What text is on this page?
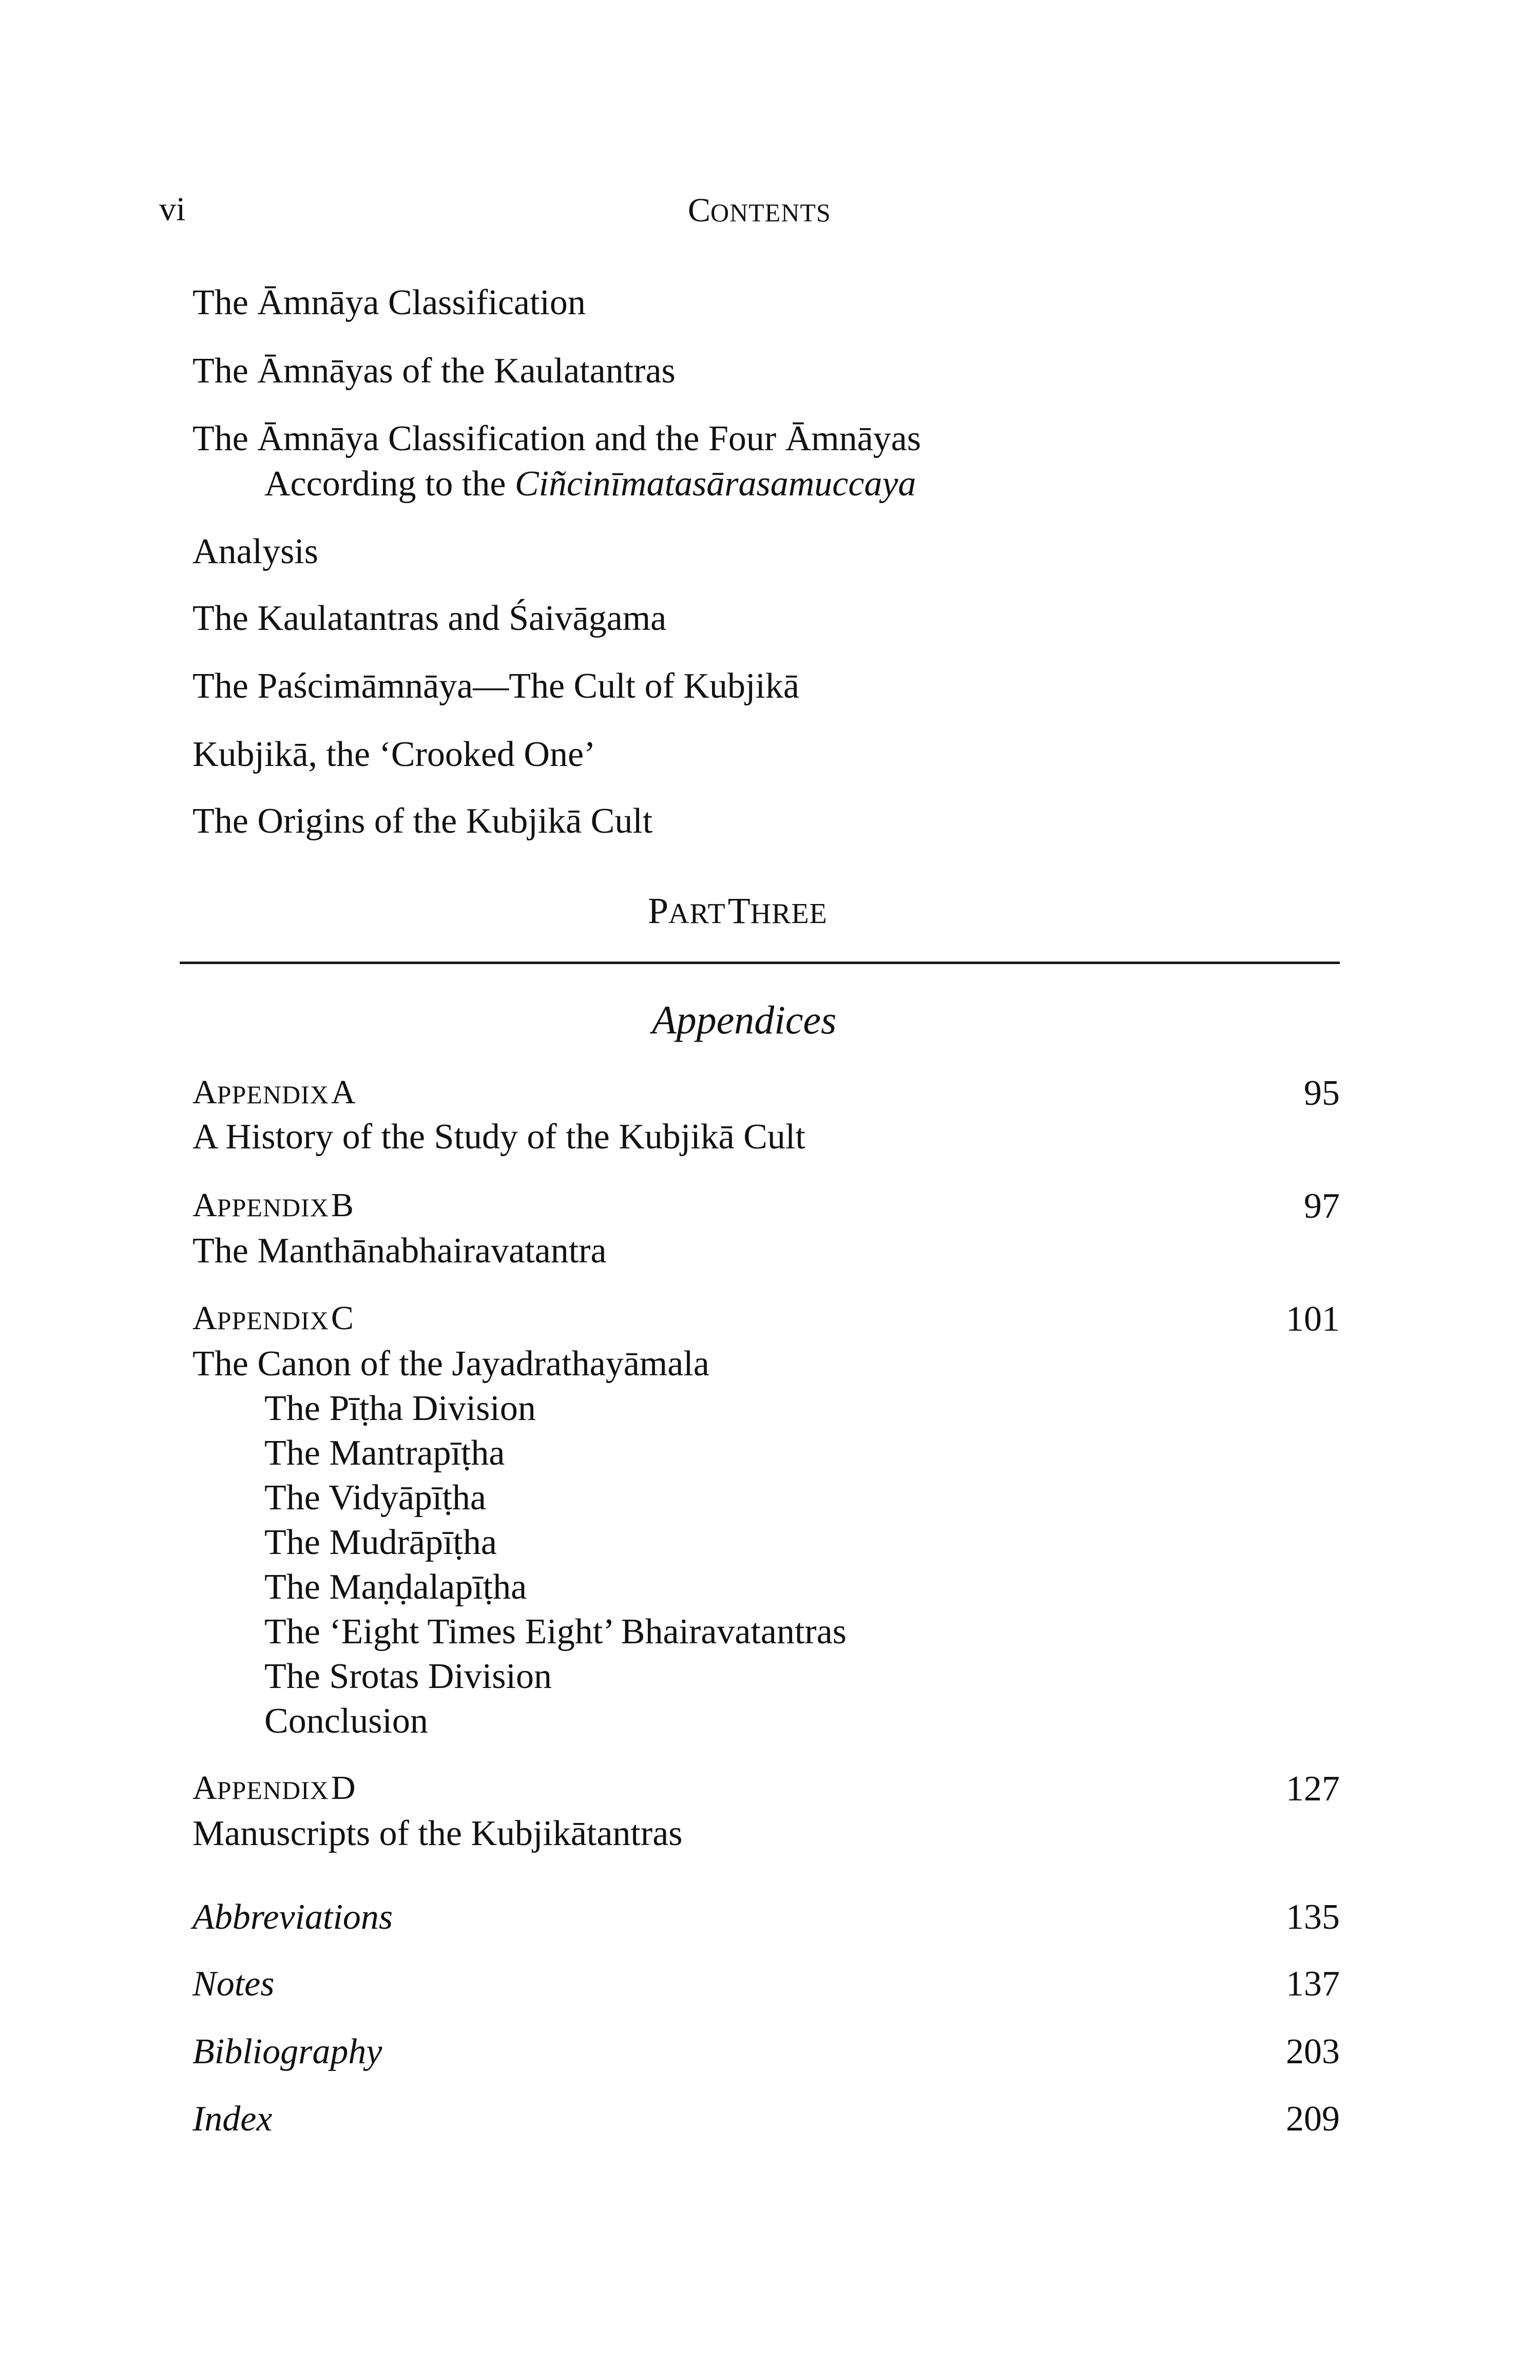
vi	CONTENTS
The Āmnāya Classification
The Āmnāyas of the Kaulatantras
The Āmnāya Classification and the Four Āmnāyas
According to the Ciñcinīmatasārasamuccaya
Analysis
The Kaulatantras and Śaivāgama
The Paścimāmnāya—The Cult of Kubjikā
Kubjikā, the ‘Crooked One’
The Origins of the Kubjikā Cult
PART THREE
Appendices
APPENDIX A	95
A History of the Study of the Kubjikā Cult
APPENDIX B	97
The Manthānabhairavatantra
APPENDIX C	101
The Canon of the Jayadrathayāmala
The Pīṭha Division
The Mantrapīṭha
The Vidyāpīṭha
The Mudrāpīṭha
The Maṇḍalapīṭha
The ‘Eight Times Eight’ Bhairavatantras
The Srotas Division
Conclusion
APPENDIX D	127
Manuscripts of the Kubjikātantras
Abbreviations	135
Notes	137
Bibliography	203
Index	209
